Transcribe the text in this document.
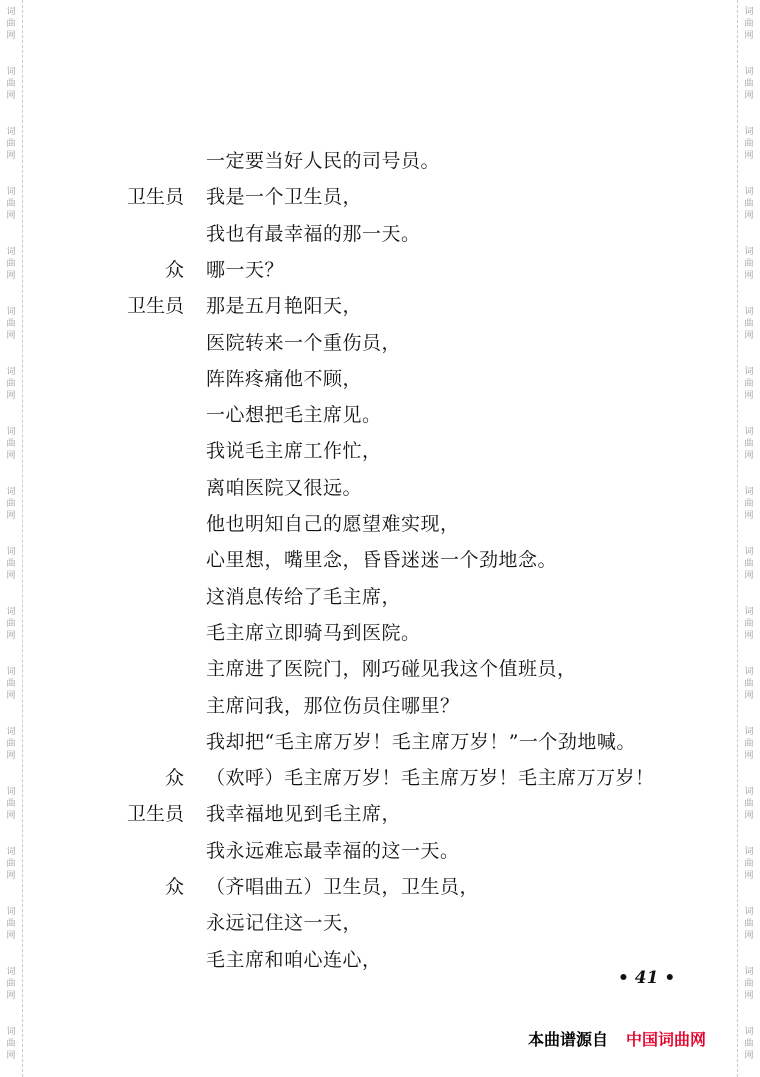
词
曲
网
词
曲
网
词
曲
网
词
曲
网
词
曲
网
词
曲
网
词
曲
网
词
曲
网
词
曲
网
词
曲
网
词
曲
网
词
曲
网
词
曲
网
词
曲
网
词
曲
网
词
曲
网
词
曲
网
词
曲
网
词
曲
网
词
曲
网
词
曲
网
词
曲
网
词
曲
网
词
曲
网
词
曲
网
词
曲
网
词
曲
网
词
曲
网
词
曲
网
词
曲
网
词
曲
网
词
曲
网
词
曲
网
词
曲
网
词
曲
网
词
曲
网
一定要当好人民的司号员。
卫生员 我是一个卫生员，
我也有最幸福的那一天。
众 哪一天？
卫生员 那是五月艳阳天，
医院转来一个重伤员，
阵阵疼痛他不顾，
一心想把毛主席见。
我说毛主席工作忙，
离咱医院又很远。
他也明知自己的愿望难实现，
心里想，嘴里念，昏昏迷迷一个劲地念。
这消息传给了毛主席，
毛主席立即骑马到医院。
主席进了医院门，刚巧碰见我这个值班员，
主席问我，那位伤员住哪里？
我却把“毛主席万岁！毛主席万岁！”一个劲地喊。
众 （欢呼）毛主席万岁！毛主席万岁！毛主席万万岁！
卫生员 我幸福地见到毛主席，
我永远难忘最幸福的这一天。
众 （齐唱曲五）卫生员，卫生员，
永远记住这一天，
毛主席和咱心连心，
• 41 •
本曲谱源自 中国词曲网
